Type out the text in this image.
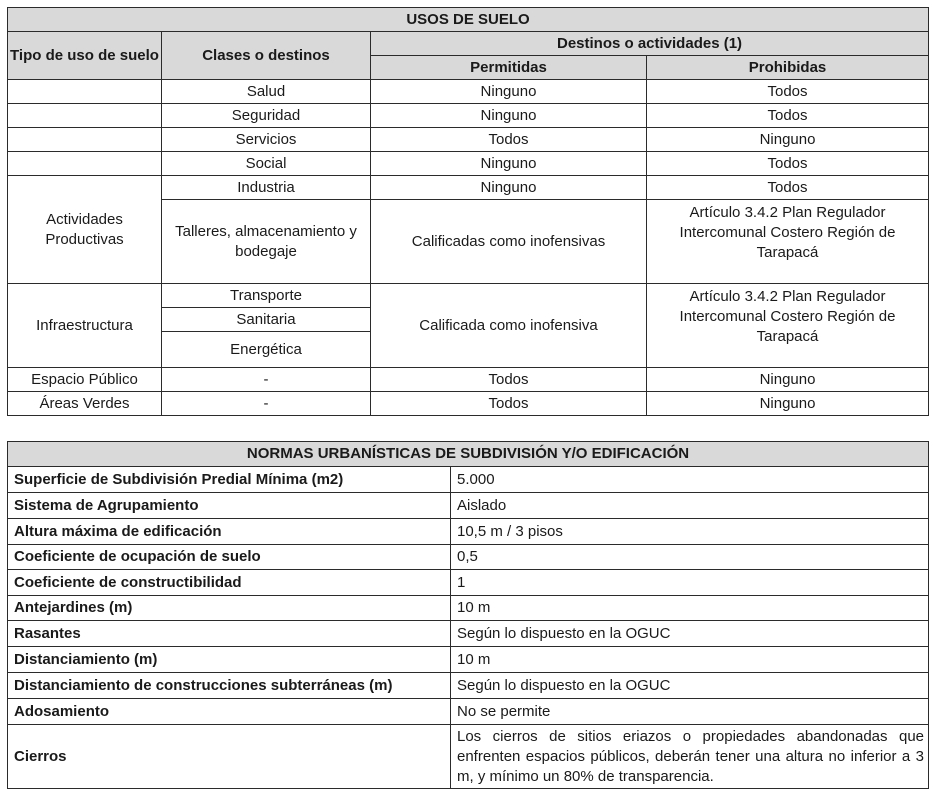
USOS DE SUELO			
Tipo de uso de suelo	Clases o destinos	Destinos o actividades (1)	
		Permitidas	Prohibidas
	Salud	Ninguno	Todos
	Seguridad	Ninguno	Todos
	Servicios	Todos	Ninguno
	Social	Ninguno	Todos
Actividades Productivas	Industria	Ninguno	Todos
	Talleres, almacenamiento y bodegaje	Calificadas como inofensivas	Artículo 3.4.2 Plan Regulador Intercomunal Costero Región de Tarapacá
Infraestructura	Transporte	Calificada como inofensiva	Artículo 3.4.2 Plan Regulador Intercomunal Costero Región de Tarapacá
	Sanitaria		
	Energética		
Espacio Público	-	Todos	Ninguno
Áreas Verdes	-	Todos	Ninguno
NORMAS URBANÍSTICAS DE SUBDIVISIÓN Y/O EDIFICACIÓN	
Superficie de Subdivisión Predial Mínima (m2)	5.000
Sistema de Agrupamiento	Aislado
Altura máxima de edificación	10,5 m / 3 pisos
Coeficiente de ocupación de suelo	0,5
Coeficiente de constructibilidad	1
Antejardines (m)	10 m
Rasantes	Según lo dispuesto en la OGUC
Distanciamiento (m)	10 m
Distanciamiento de construcciones subterráneas (m)	Según lo dispuesto en la OGUC
Adosamiento	No se permite
Cierros	Los cierros de sitios eriazos o propiedades abandonadas que enfrenten espacios públicos, deberán tener una altura no inferior a 3 m, y mínimo un 80% de transparencia.
